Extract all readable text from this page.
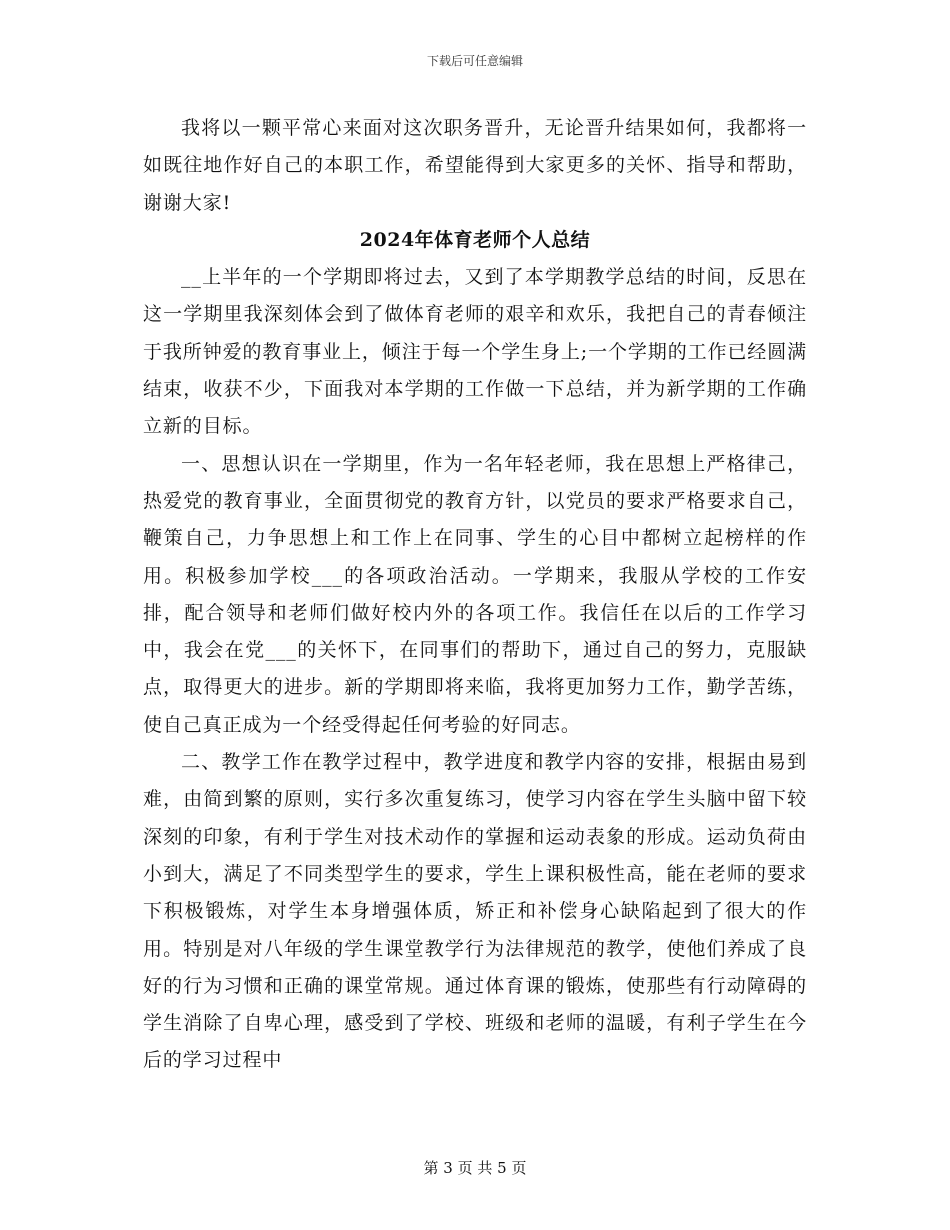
下载后可任意编辑

我将以一颗平常心来面对这次职务晋升，无论晋升结果如何，我都将一如既往地作好自己的本职工作，希望能得到大家更多的关怀、指导和帮助，谢谢大家!

2024年体育老师个人总结

__上半年的一个学期即将过去，又到了本学期教学总结的时间，反思在这一学期里我深刻体会到了做体育老师的艰辛和欢乐，我把自己的青春倾注于我所钟爱的教育事业上，倾注于每一个学生身上;一个学期的工作已经圆满结束，收获不少，下面我对本学期的工作做一下总结，并为新学期的工作确立新的目标。

一、思想认识在一学期里，作为一名年轻老师，我在思想上严格律己，热爱党的教育事业，全面贯彻党的教育方针，以党员的要求严格要求自己，鞭策自己，力争思想上和工作上在同事、学生的心目中都树立起榜样的作用。积极参加学校___的各项政治活动。一学期来，我服从学校的工作安排，配合领导和老师们做好校内外的各项工作。我信任在以后的工作学习中，我会在党___的关怀下，在同事们的帮助下，通过自己的努力，克服缺点，取得更大的进步。新的学期即将来临，我将更加努力工作，勤学苦练，使自己真正成为一个经受得起任何考验的好同志。

二、教学工作在教学过程中，教学进度和教学内容的安排，根据由易到难，由简到繁的原则，实行多次重复练习，使学习内容在学生头脑中留下较深刻的印象，有利于学生对技术动作的掌握和运动表象的形成。运动负荷由小到大，满足了不同类型学生的要求，学生上课积极性高，能在老师的要求下积极锻炼，对学生本身增强体质，矫正和补偿身心缺陷起到了很大的作用。特别是对八年级的学生课堂教学行为法律规范的教学，使他们养成了良好的行为习惯和正确的课堂常规。通过体育课的锻炼，使那些有行动障碍的学生消除了自卑心理，感受到了学校、班级和老师的温暖，有利子学生在今后的学习过程中

第 3 页 共 5 页
